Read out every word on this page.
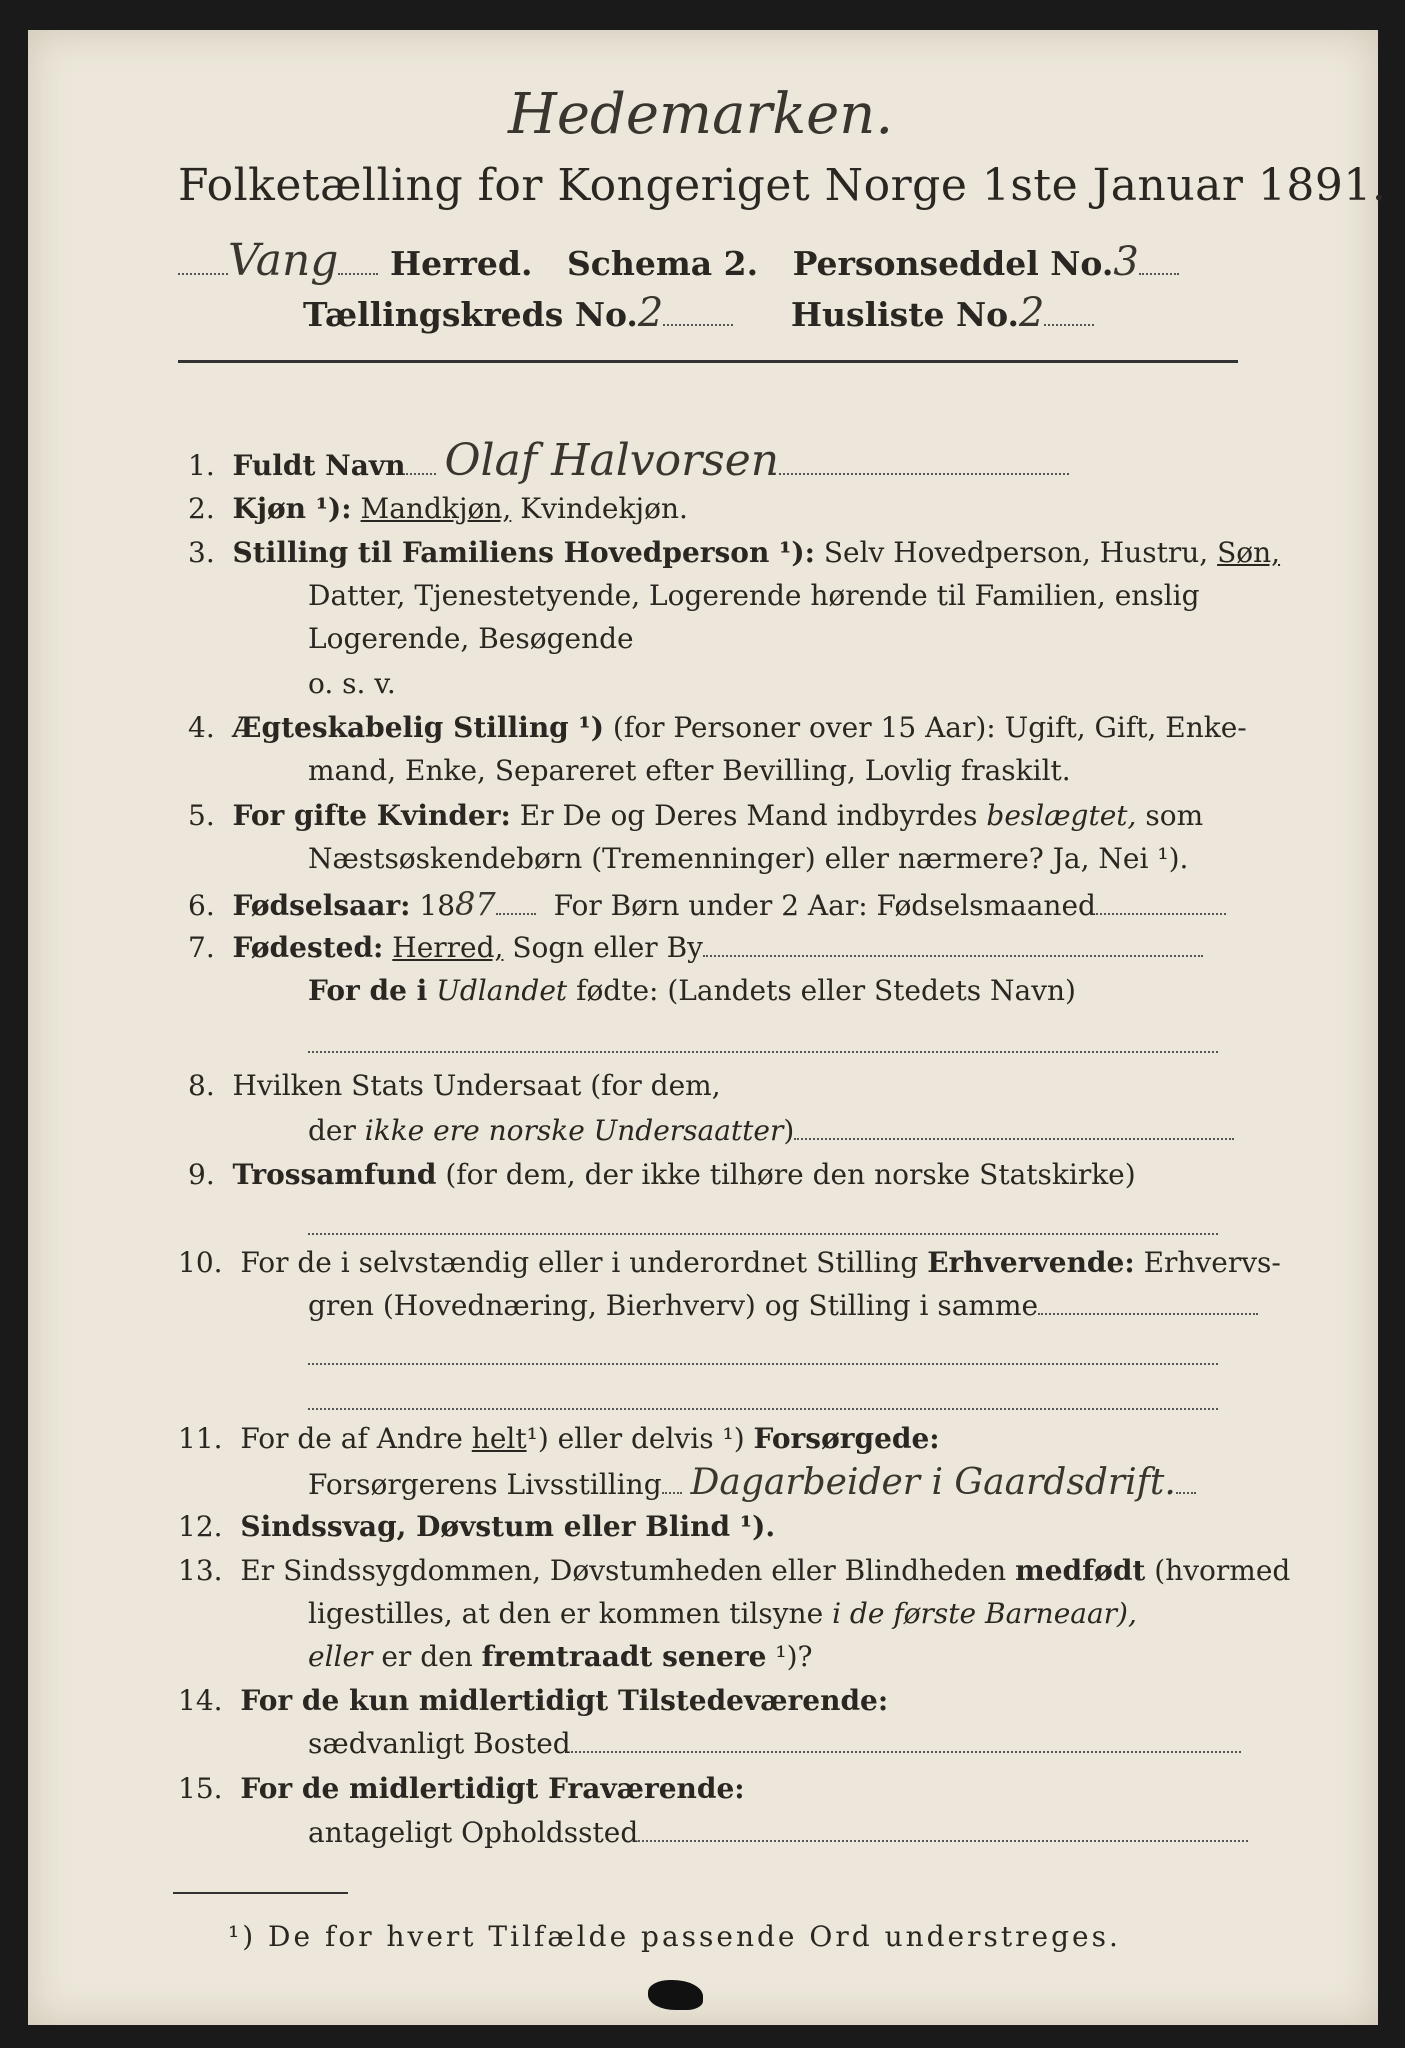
Hedemarken.
Folketælling for Kongeriget Norge 1ste Januar 1891.
Vang Herred. Schema 2. Personseddel No.3
Tællingskreds No.2	Husliste No.2
1. Fuldt Navn Olaf Halvorsen
2. Kjøn ¹): Mandkjøn, Kvindekjøn.
3. Stilling til Familiens Hovedperson ¹): Selv Hovedperson, Hustru, Søn,
Datter, Tjenestetyende, Logerende hørende til Familien, enslig
Logerende, Besøgende
o. s. v.
4. Ægteskabelig Stilling ¹) (for Personer over 15 Aar): Ugift, Gift, Enke-
mand, Enke, Separeret efter Bevilling, Lovlig fraskilt.
5. For gifte Kvinder: Er De og Deres Mand indbyrdes beslægtet, som
Næstsøskendebørn (Tremenninger) eller nærmere? Ja, Nei ¹).
6. Fødselsaar: 1887 For Børn under 2 Aar: Fødselsmaaned
7. Fødested: Herred, Sogn eller By
For de i Udlandet fødte: (Landets eller Stedets Navn)
8. Hvilken Stats Undersaat (for dem,
der ikke ere norske Undersaatter)
9. Trossamfund (for dem, der ikke tilhøre den norske Statskirke)
10. For de i selvstændig eller i underordnet Stilling Erhvervende: Erhvervs-
gren (Hovednæring, Bierhverv) og Stilling i samme
11. For de af Andre helt¹) eller delvis ¹) Forsørgede:
Forsørgerens Livsstilling Dagarbeider i Gaardsdrift.
12. Sindssvag, Døvstum eller Blind ¹).
13. Er Sindssygdommen, Døvstumheden eller Blindheden medfødt (hvormed
ligestilles, at den er kommen tilsyne i de første Barneaar),
eller er den fremtraadt senere ¹)?
14. For de kun midlertidigt Tilstedeværende:
sædvanligt Bosted
15. For de midlertidigt Fraværende:
antageligt Opholdssted
¹) De for hvert Tilfælde passende Ord understreges.
